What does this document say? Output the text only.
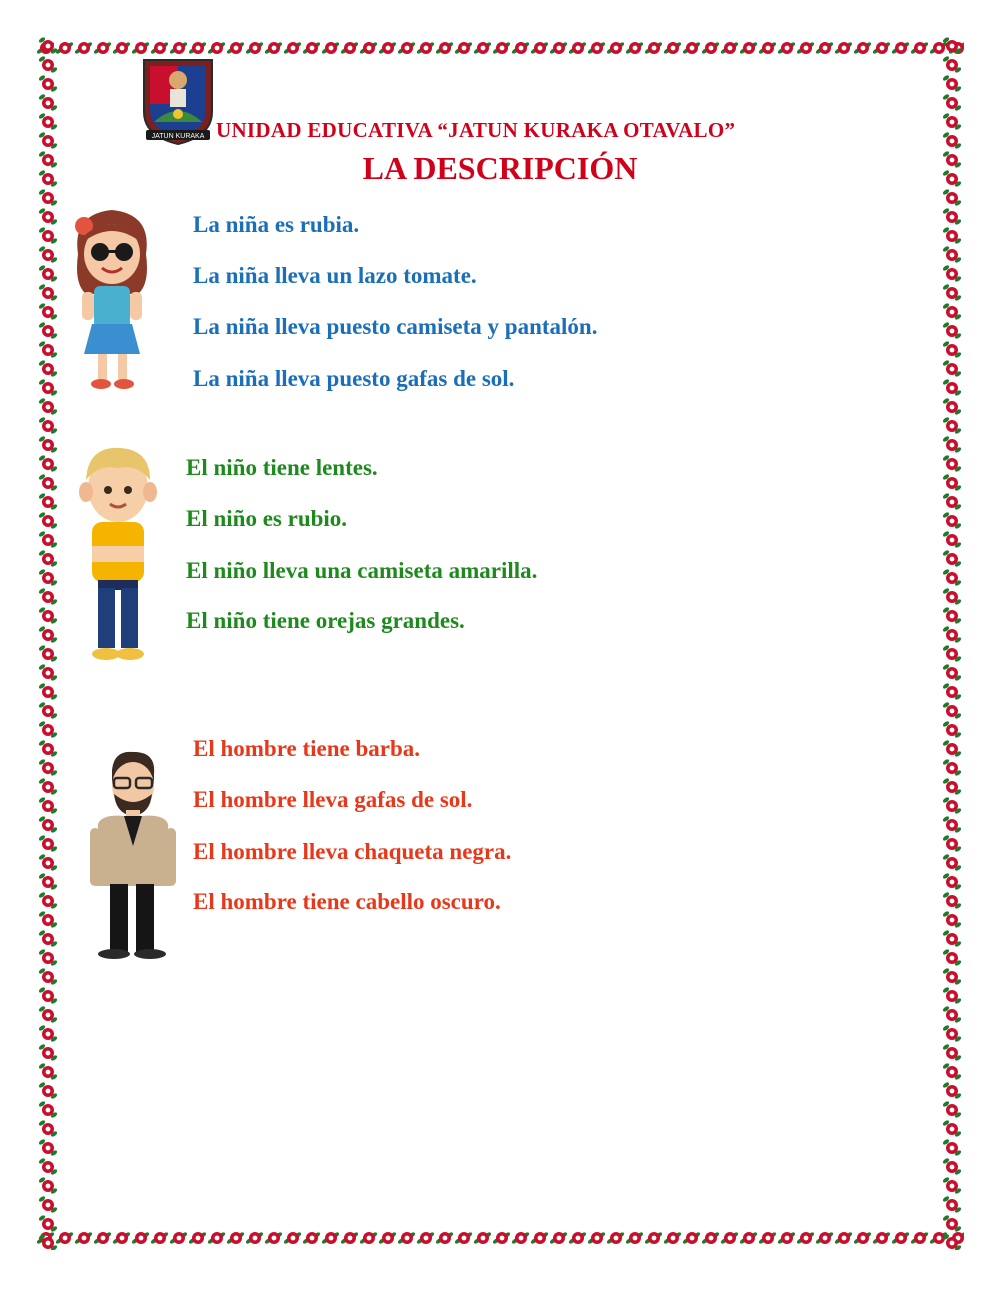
JATUN KURAKA UNIDAD EDUCATIVA “JATUN KURAKA OTAVALO”
LA DESCRIPCIÓN
La niña es rubia.
La niña lleva un lazo tomate.
La niña lleva puesto camiseta y pantalón.
La niña lleva puesto gafas de sol.
El niño tiene lentes.
El niño es rubio.
El niño lleva una camiseta amarilla.
El niño tiene orejas grandes.
El hombre tiene barba.
El hombre lleva gafas de sol.
El hombre lleva chaqueta negra.
El hombre tiene cabello oscuro.
